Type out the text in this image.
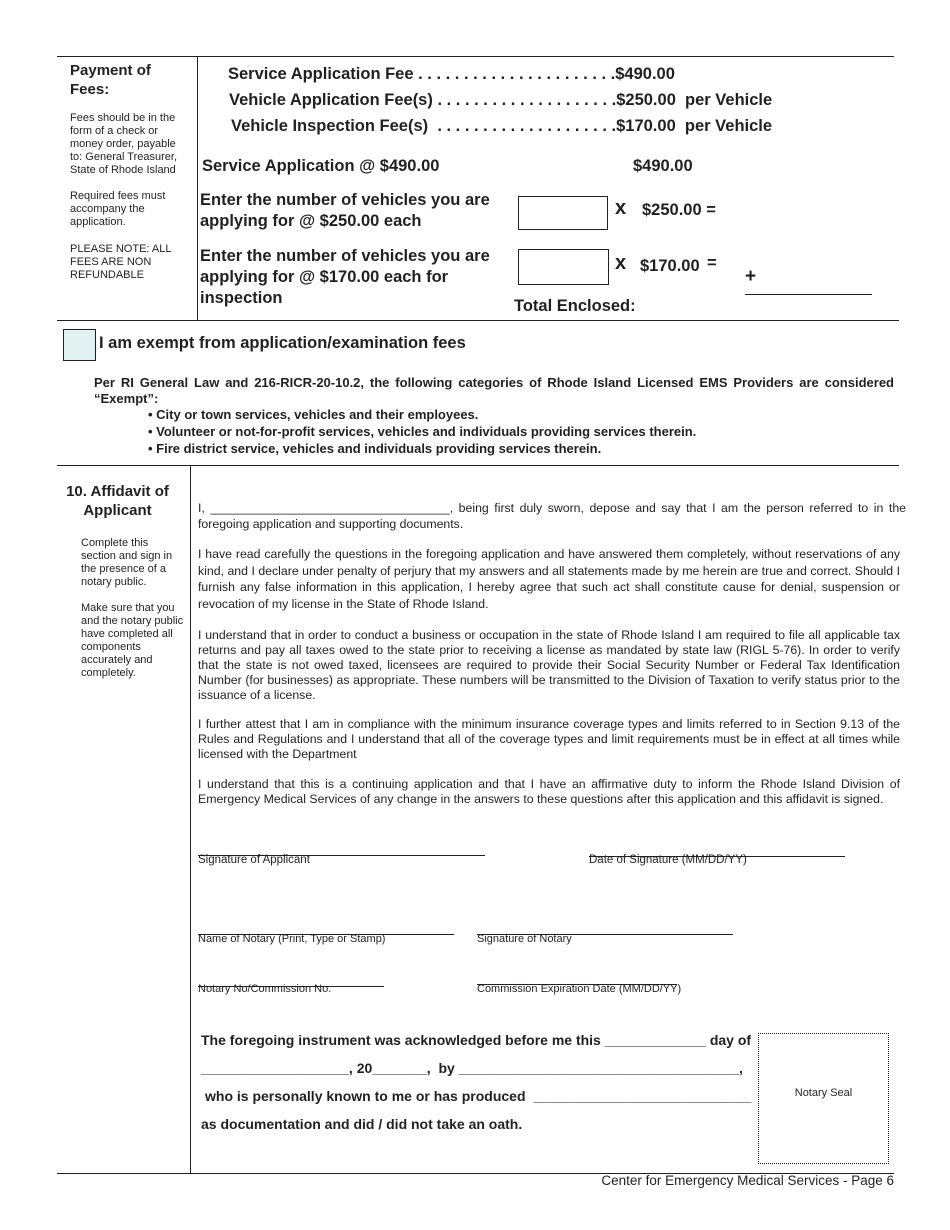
Payment of Fees:
Fees should be in the form of a check or money order, payable to: General Treasurer, State of Rhode Island
Required fees must accompany the application.
PLEASE NOTE: ALL FEES ARE NON REFUNDABLE
Service Application Fee . . . . . . . . . . . . . . . . . . . . . .$490.00
Vehicle Application Fee(s) . . . . . . . . . . . . . . . . . . . .$250.00  per Vehicle
Vehicle Inspection Fee(s)  . . . . . . . . . . . . . . . . . . . .$170.00  per Vehicle
Service Application @ $490.00	$490.00
Enter the number of vehicles you are applying for @ $250.00 each
x $250.00 =
Enter the number of vehicles you are applying for @ $170.00 each for inspection
x $170.00 =
+
Total Enclosed:
I am exempt from application/examination fees
Per RI General Law and 216-RICR-20-10.2, the following categories of Rhode Island Licensed EMS Providers are considered “Exempt”:
• City or town services, vehicles and their employees.
• Volunteer or not-for-profit services, vehicles and individuals providing services therein.
• Fire district service, vehicles and individuals providing services therein.
10. Affidavit of Applicant
Complete this section and sign in the presence of a notary public.
Make sure that you and the notary public have completed all components accurately and completely.
I, ___________________________________, being first duly sworn, depose and say that I am the person referred to in the foregoing application and supporting documents.
I have read carefully the questions in the foregoing application and have answered them completely, without reservations of any kind, and I declare under penalty of perjury that my answers and all statements made by me herein are true and correct. Should I furnish any false information in this application, I hereby agree that such act shall constitute cause for denial, suspension or revocation of my license in the State of Rhode Island.
I understand that in order to conduct a business or occupation in the state of Rhode Island I am required to file all applicable tax returns and pay all taxes owed to the state prior to receiving a license as mandated by state law (RIGL 5-76). In order to verify that the state is not owed taxed, licensees are required to provide their Social Security Number or Federal Tax Identification Number (for businesses) as appropriate. These numbers will be transmitted to the Division of Taxation to verify status prior to the issuance of a license.
I further attest that I am in compliance with the minimum insurance coverage types and limits referred to in Section 9.13 of the Rules and Regulations and I understand that all of the coverage types and limit requirements must be in effect at all times while licensed with the Department
I understand that this is a continuing application and that I have an affirmative duty to inform the Rhode Island Division of Emergency Medical Services of any change in the answers to these questions after this application and this affidavit is signed.
Signature of Applicant	Date of Signature (MM/DD/YY)
Name of Notary (Print, Type or Stamp)	Signature of Notary
Notary No/Commission No.	Commission Expiration Date (MM/DD/YY)
The foregoing instrument was acknowledged before me this _____________ day of
___________________, 20_______,  by ____________________________________,
who is personally known to me or has produced  ____________________________
as documentation and did / did not take an oath.
Notary Seal
Center for Emergency Medical Services - Page 6
